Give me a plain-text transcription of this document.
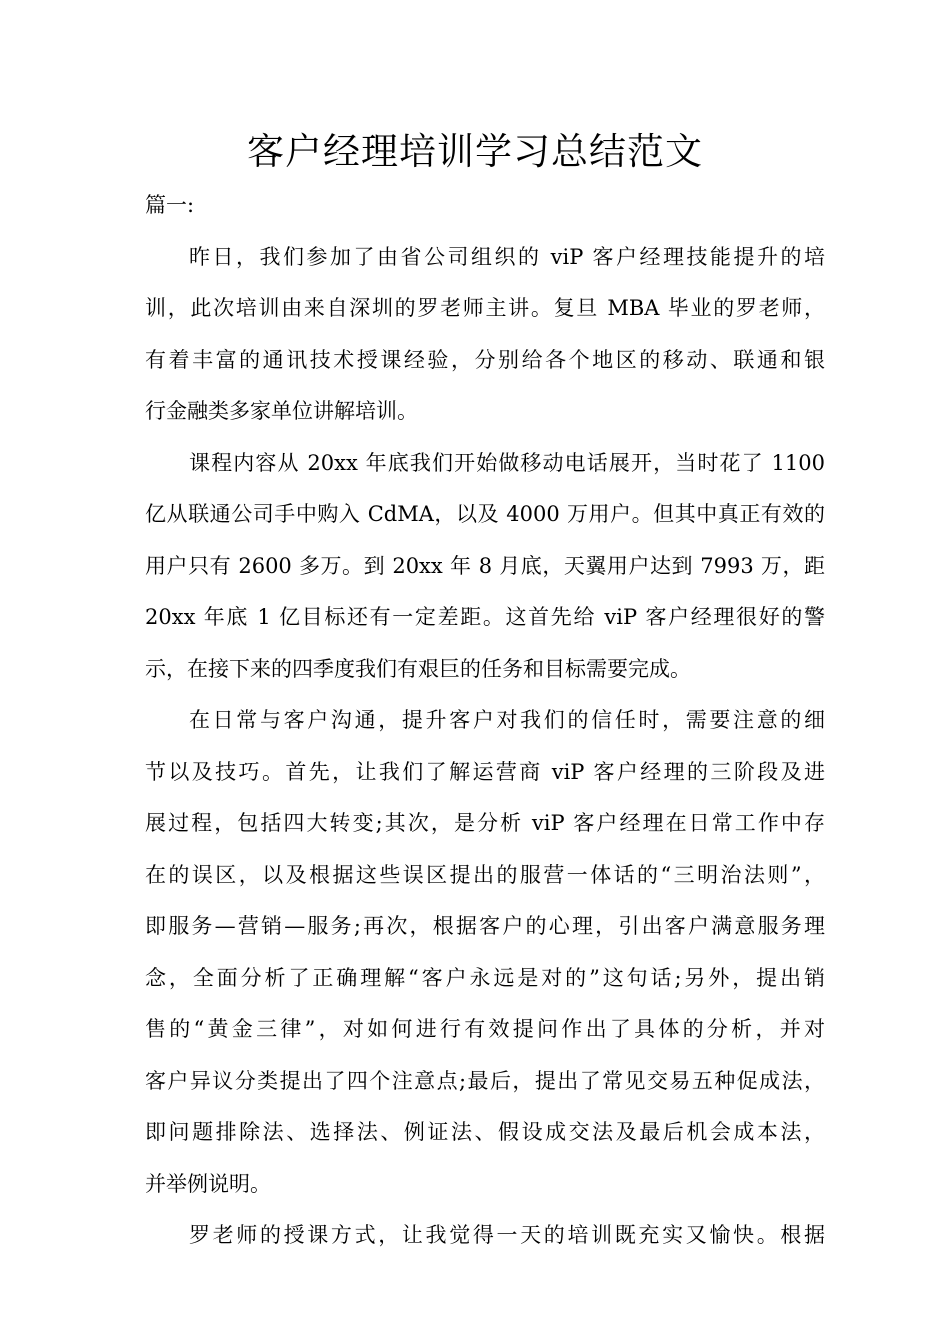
客户经理培训学习总结范文
篇一:
昨日，我们参加了由省公司组织的 viP 客户经理技能提升的培
训，此次培训由来自深圳的罗老师主讲。复旦 MBA 毕业的罗老师，
有着丰富的通讯技术授课经验，分别给各个地区的移动、联通和银
行金融类多家单位讲解培训。
课程内容从 20xx 年底我们开始做移动电话展开，当时花了 1100
亿从联通公司手中购入 CdMA，以及 4000 万用户。但其中真正有效的
用户只有 2600 多万。到 20xx 年 8 月底，天翼用户达到 7993 万，距
20xx 年底 1 亿目标还有一定差距。这首先给 viP 客户经理很好的警
示，在接下来的四季度我们有艰巨的任务和目标需要完成。
在日常与客户沟通，提升客户对我们的信任时，需要注意的细
节以及技巧。首先，让我们了解运营商 viP 客户经理的三阶段及进
展过程，包括四大转变;其次，是分析 viP 客户经理在日常工作中存
在的误区，以及根据这些误区提出的服营一体话的“三明治法则”，
即服务—营销—服务;再次，根据客户的心理，引出客户满意服务理
念，全面分析了正确理解“客户永远是对的”这句话;另外，提出销
售的“黄金三律”，对如何进行有效提问作出了具体的分析，并对
客户异议分类提出了四个注意点;最后，提出了常见交易五种促成法，
即问题排除法、选择法、例证法、假设成交法及最后机会成本法，
并举例说明。
罗老师的授课方式，让我觉得一天的培训既充实又愉快。根据
